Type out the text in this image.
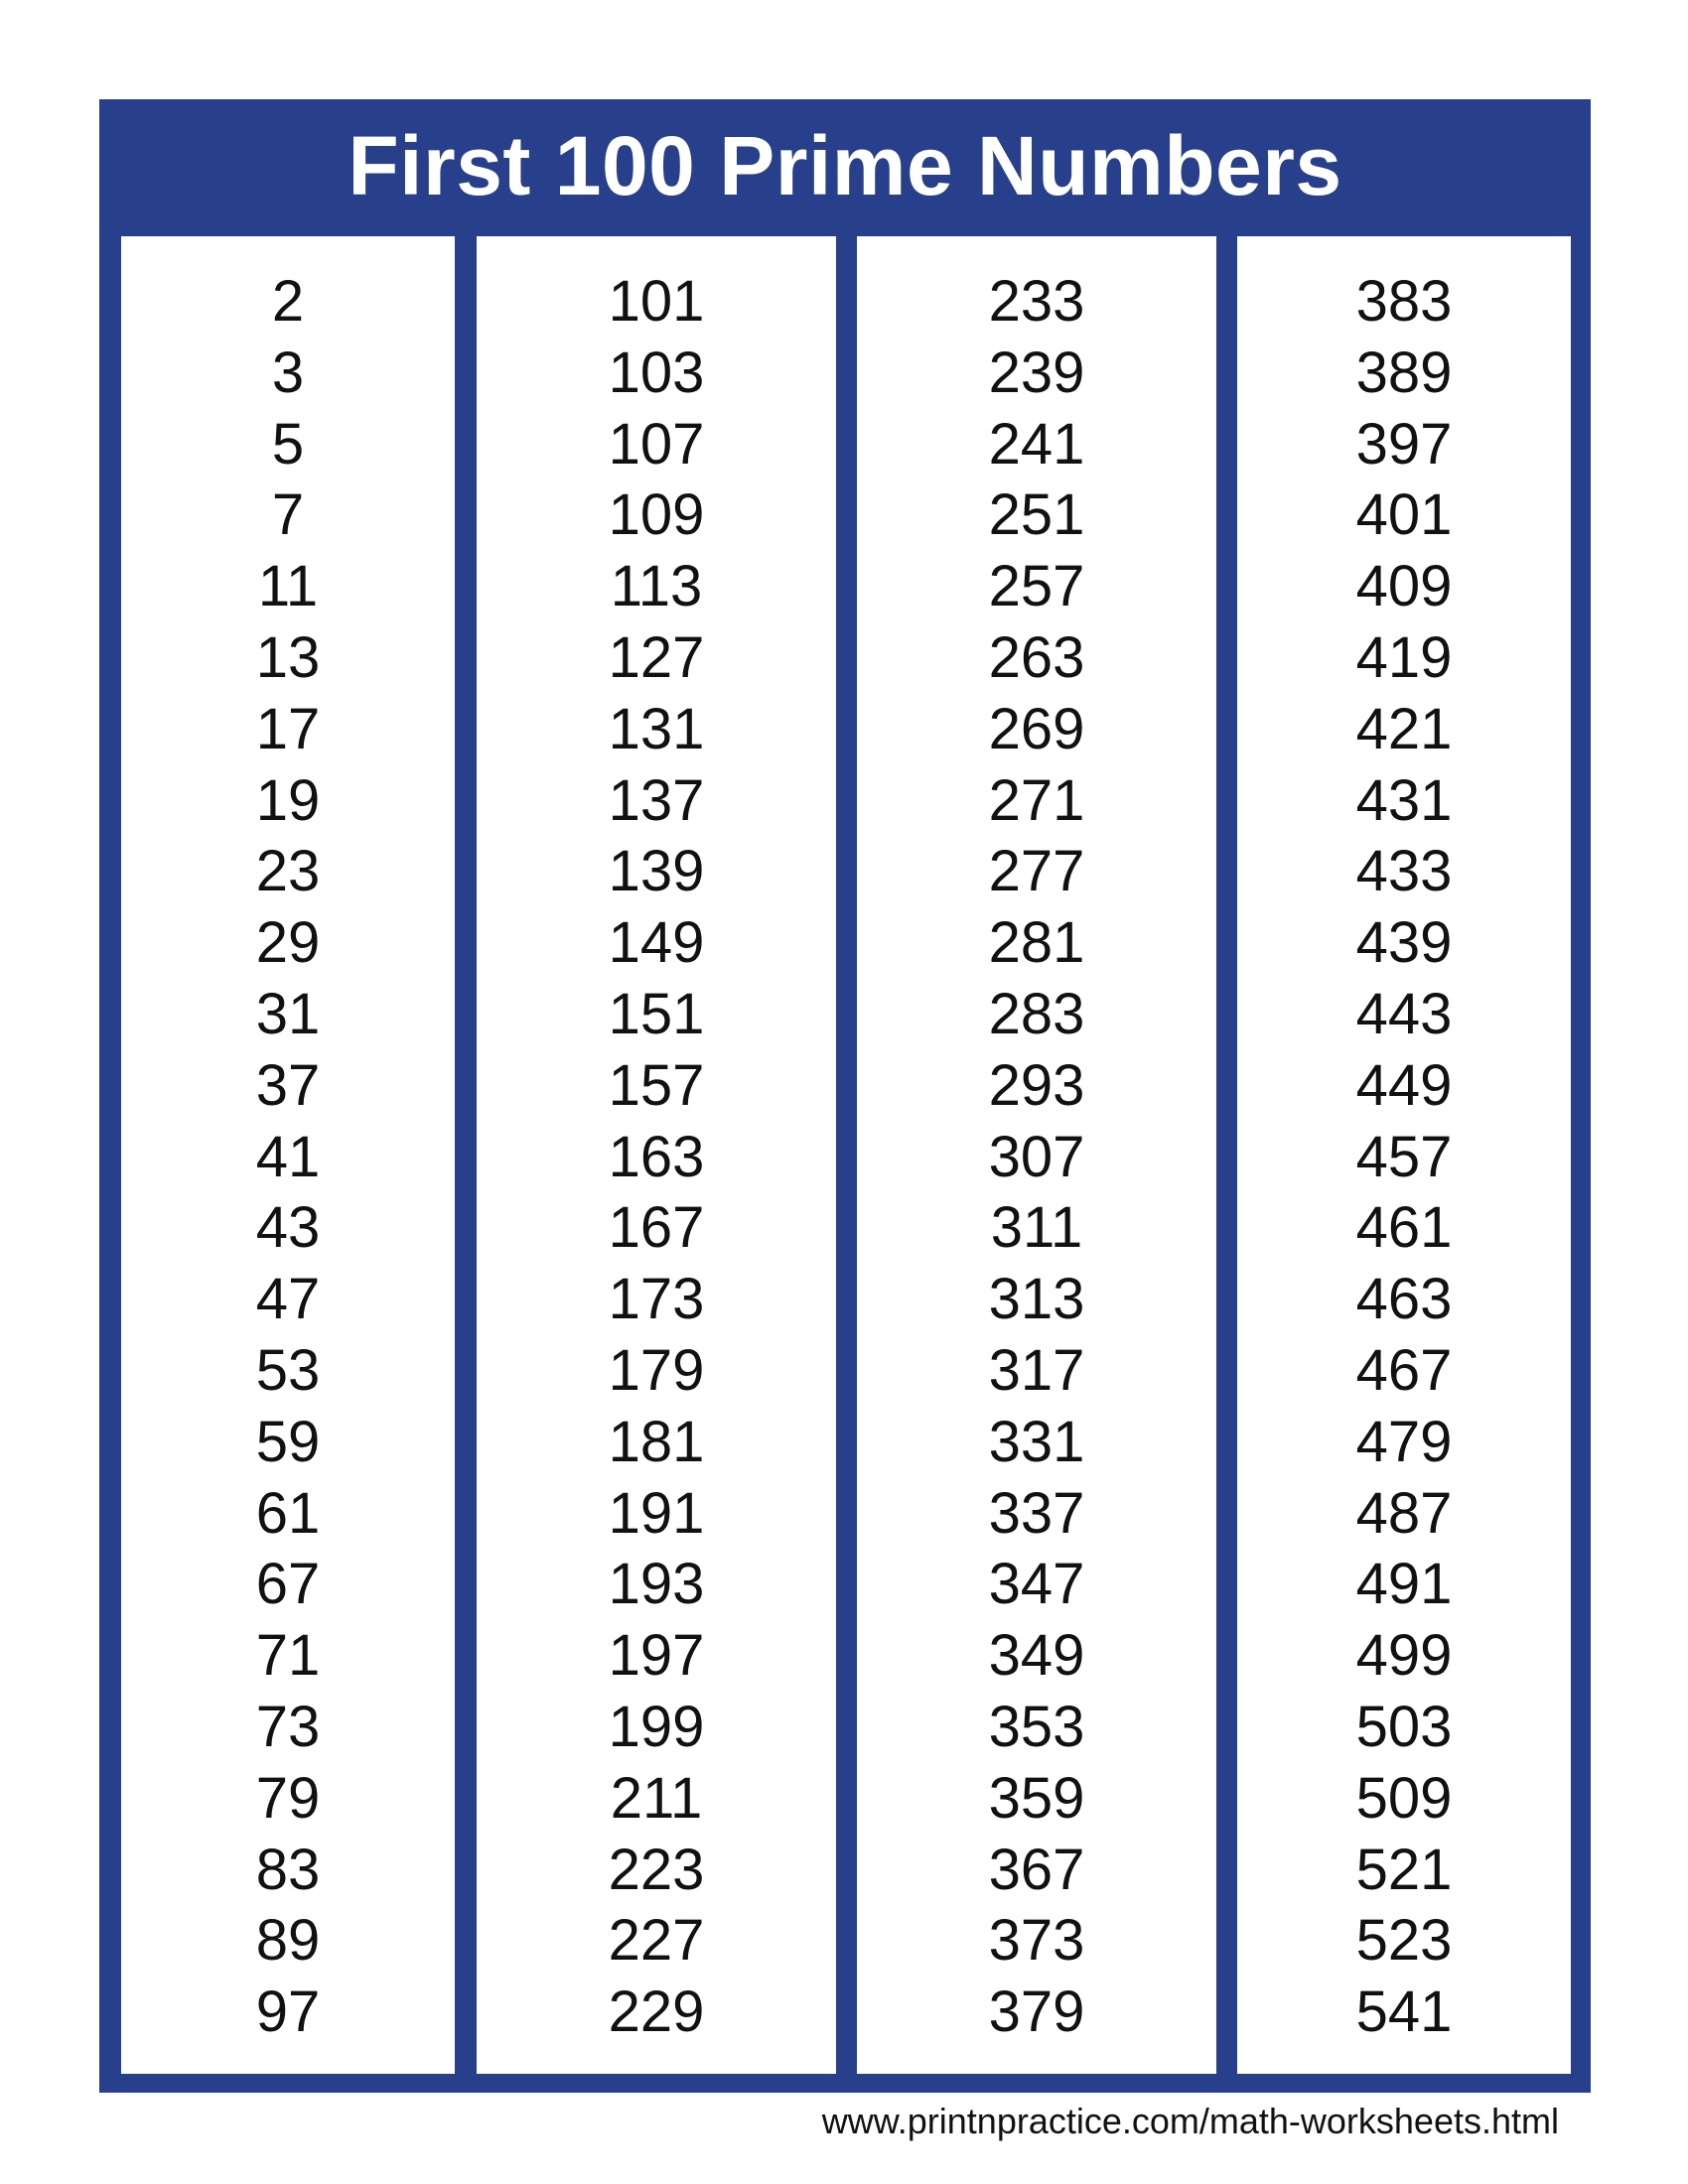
First 100 Prime Numbers
2
3
5
7
11
13
17
19
23
29
31
37
41
43
47
53
59
61
67
71
73
79
83
89
97
101
103
107
109
113
127
131
137
139
149
151
157
163
167
173
179
181
191
193
197
199
211
223
227
229
233
239
241
251
257
263
269
271
277
281
283
293
307
311
313
317
331
337
347
349
353
359
367
373
379
383
389
397
401
409
419
421
431
433
439
443
449
457
461
463
467
479
487
491
499
503
509
521
523
541
www.printnpractice.com/math-worksheets.html
